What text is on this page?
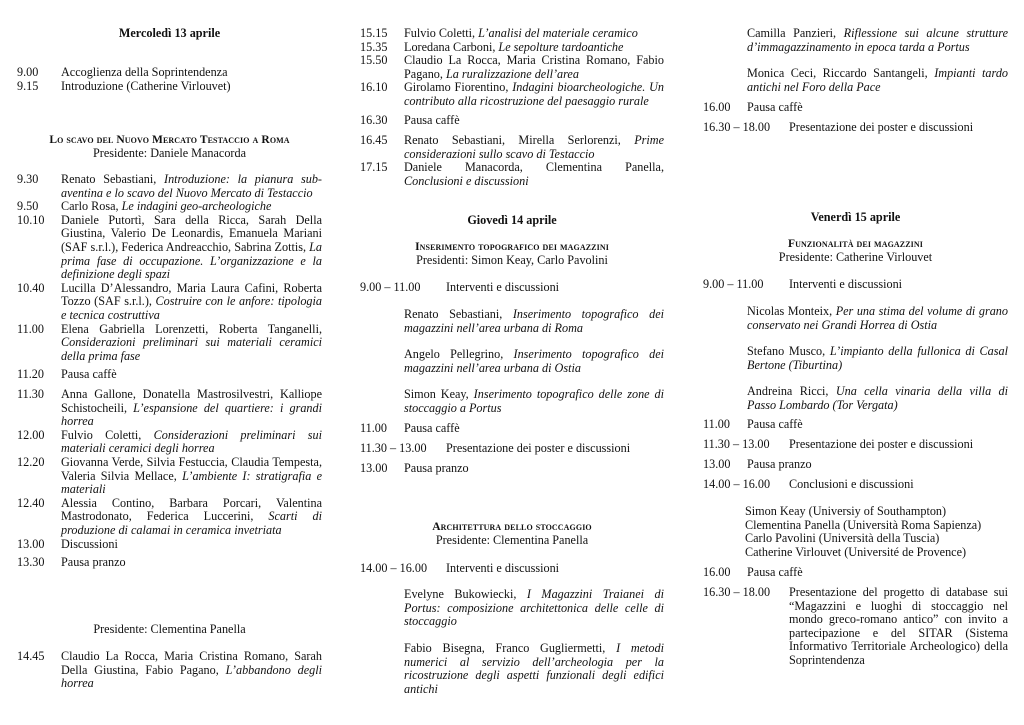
Mercoledì 13 aprile
9.00	Accoglienza della Soprintendenza
9.15	Introduzione (Catherine Virlouvet)
Lo scavo del Nuovo Mercato Testaccio a Roma
Presidente: Daniele Manacorda
9.30	Renato Sebastiani, Introduzione: la pianura sub-aventina e lo scavo del Nuovo Mercato di Testaccio
9.50	Carlo Rosa, Le indagini geo-archeologiche
10.10	Daniele Putortì, Sara della Ricca, Sarah Della Giustina, Valerio De Leonardis, Emanuela Mariani (SAF s.r.l.), Federica Andreacchio, Sabrina Zottis, La prima fase di occupazione. L’organizzazione e la definizione degli spazi
10.40	Lucilla D’Alessandro, Maria Laura Cafini, Roberta Tozzo (SAF s.r.l.), Costruire con le anfore: tipologia e tecnica costruttiva
11.00	Elena Gabriella Lorenzetti, Roberta Tanganelli, Considerazioni preliminari sui materiali ceramici della prima fase
11.20	Pausa caffè
11.30	Anna Gallone, Donatella Mastrosilvestri, Kalliope Schistocheili, L’espansione del quartiere: i grandi horrea
12.00	Fulvio Coletti, Considerazioni preliminari sui materiali ceramici degli horrea
12.20	Giovanna Verde, Silvia Festuccia, Claudia Tempesta, Valeria Silvia Mellace, L’ambiente I: stratigrafia e materiali
12.40	Alessia Contino, Barbara Porcari, Valentina Mastrodonato, Federica Luccerini, Scarti di produzione di calamai in ceramica invetriata
13.00	Discussioni
13.30	Pausa pranzo
Presidente: Clementina Panella
14.45	Claudio La Rocca, Maria Cristina Romano, Sarah Della Giustina, Fabio Pagano, L’abbandono degli horrea
15.15	Fulvio Coletti, L’analisi del materiale ceramico
15.35	Loredana Carboni, Le sepolture tardoantiche
15.50	Claudio La Rocca, Maria Cristina Romano, Fabio Pagano, La ruralizzazione dell’area
16.10	Girolamo Fiorentino, Indagini bioarcheologiche. Un contributo alla ricostruzione del paesaggio rurale
16.30	Pausa caffè
16.45	Renato Sebastiani, Mirella Serlorenzi, Prime considerazioni sullo scavo di Testaccio
17.15	Daniele Manacorda, Clementina Panella, Conclusioni e discussioni
Giovedì 14 aprile
Inserimento topografico dei magazzini
Presidenti: Simon Keay, Carlo Pavolini
9.00 – 11.00	Interventi e discussioni
Renato Sebastiani, Inserimento topografico dei magazzini nell’area urbana di Roma
Angelo Pellegrino, Inserimento topografico dei magazzini nell’area urbana di Ostia
Simon Keay, Inserimento topografico delle zone di stoccaggio a Portus
11.00	Pausa caffè
11.30 – 13.00	Presentazione dei poster e discussioni
13.00	Pausa pranzo
Architettura dello stoccaggio
Presidente: Clementina Panella
14.00 – 16.00	Interventi e discussioni
Evelyne Bukowiecki, I Magazzini Traianei di Portus: composizione architettonica delle celle di stoccaggio
Fabio Bisegna, Franco Gugliermetti, I metodi numerici al servizio dell’archeologia per la ricostruzione degli aspetti funzionali degli edifici antichi
Camilla Panzieri, Riflessione sui alcune strutture d’immagazzinamento in epoca tarda a Portus
Monica Ceci, Riccardo Santangeli, Impianti tardo antichi nel Foro della Pace
16.00	Pausa caffè
16.30 – 18.00	Presentazione dei poster e discussioni
Venerdì 15 aprile
Funzionalità dei magazzini
Presidente: Catherine Virlouvet
9.00 – 11.00	Interventi e discussioni
Nicolas Monteix, Per una stima del volume di grano conservato nei Grandi Horrea di Ostia
Stefano Musco, L’impianto della fullonica di Casal Bertone (Tiburtina)
Andreina Ricci, Una cella vinaria della villa di Passo Lombardo (Tor Vergata)
11.00	Pausa caffè
11.30 – 13.00	Presentazione dei poster e discussioni
13.00	Pausa pranzo
14.00 – 16.00	Conclusioni e discussioni
Simon Keay (Universiy of Southampton)
Clementina Panella (Università Roma Sapienza)
Carlo Pavolini (Università della Tuscia)
Catherine Virlouvet (Université de Provence)
16.00	Pausa caffè
16.30 – 18.00	Presentazione del progetto di database sui “Magazzini e luoghi di stoccaggio nel mondo greco-romano antico” con invito a partecipazione e del SITAR (Sistema Informativo Territoriale Archeologico) della Soprintendenza
